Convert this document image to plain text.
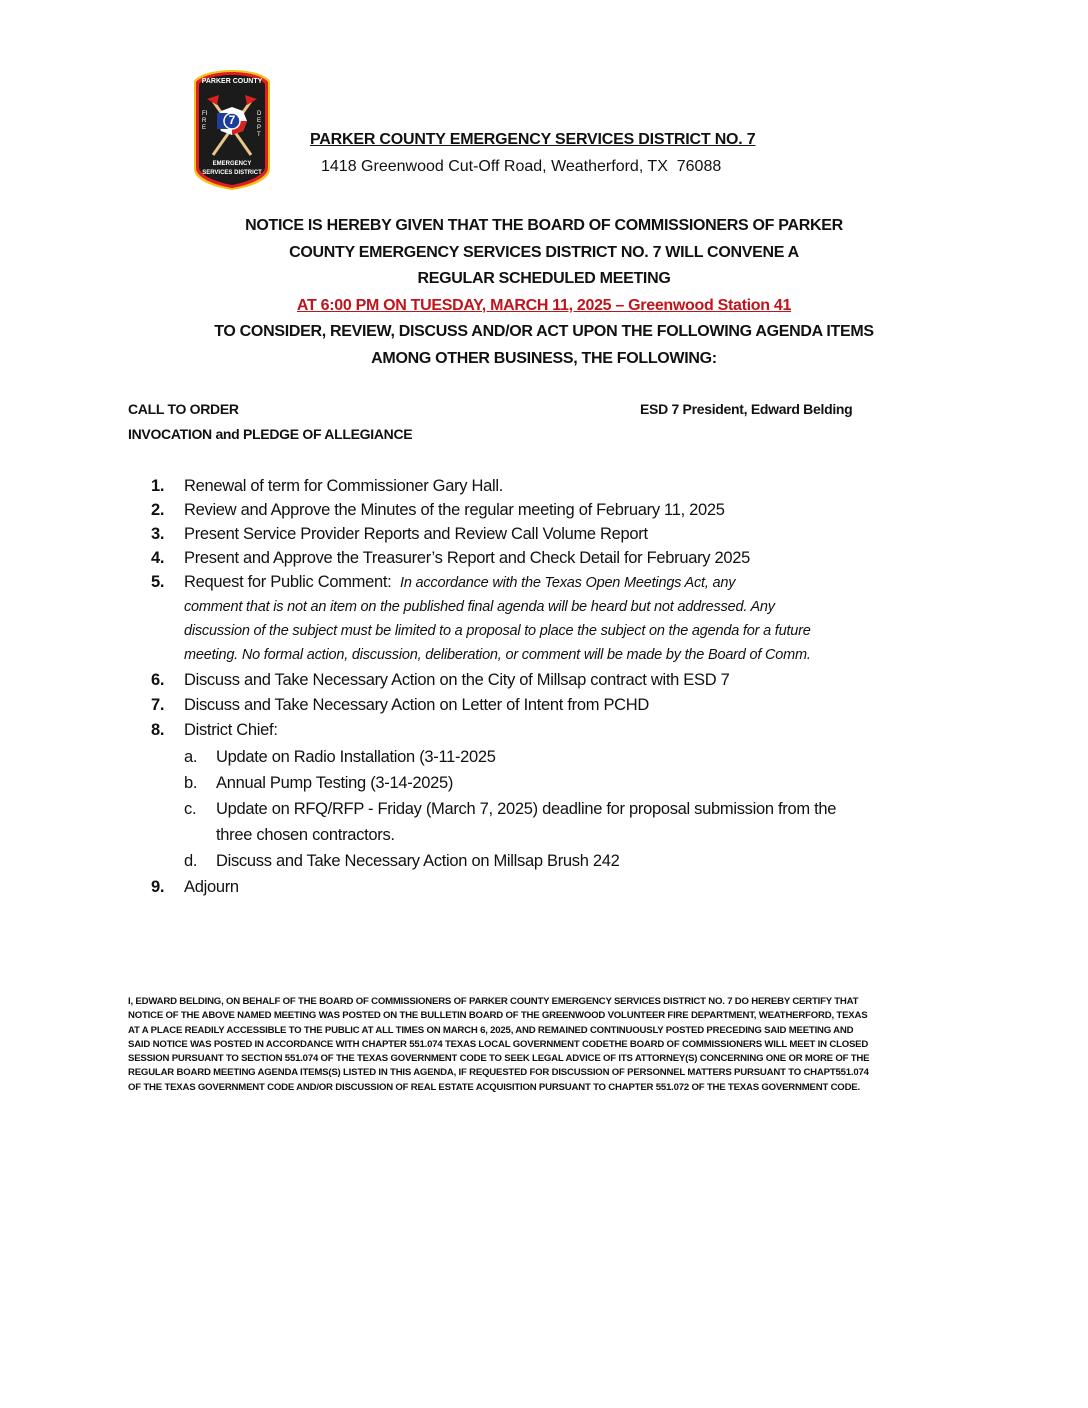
PARKER COUNTY
FIRE
DEPT
7
EMERGENCY
SERVICES DISTRICT
PARKER COUNTY EMERGENCY SERVICES DISTRICT NO. 7
1418 Greenwood Cut-Off Road, Weatherford, TX  76088
NOTICE IS HEREBY GIVEN THAT THE BOARD OF COMMISSIONERS OF PARKER
COUNTY EMERGENCY SERVICES DISTRICT NO. 7 WILL CONVENE A
REGULAR SCHEDULED MEETING
AT 6:00 PM ON TUESDAY, MARCH 11, 2025 – Greenwood Station 41
TO CONSIDER, REVIEW, DISCUSS AND/OR ACT UPON THE FOLLOWING AGENDA ITEMS
AMONG OTHER BUSINESS, THE FOLLOWING:
CALL TO ORDER	ESD 7 President, Edward Belding
INVOCATION and PLEDGE OF ALLEGIANCE
1. Renewal of term for Commissioner Gary Hall.
2. Review and Approve the Minutes of the regular meeting of February 11, 2025
3. Present Service Provider Reports and Review Call Volume Report
4. Present and Approve the Treasurer’s Report and Check Detail for February 2025
5. Request for Public Comment: In accordance with the Texas Open Meetings Act, any
comment that is not an item on the published final agenda will be heard but not addressed. Any
discussion of the subject must be limited to a proposal to place the subject on the agenda for a future
meeting. No formal action, discussion, deliberation, or comment will be made by the Board of Comm.
6. Discuss and Take Necessary Action on the City of Millsap contract with ESD 7
7. Discuss and Take Necessary Action on Letter of Intent from PCHD
8. District Chief:
a. Update on Radio Installation (3-11-2025
b. Annual Pump Testing (3-14-2025)
c. Update on RFQ/RFP - Friday (March 7, 2025) deadline for proposal submission from the
three chosen contractors.
d. Discuss and Take Necessary Action on Millsap Brush 242
9. Adjourn
I, EDWARD BELDING, ON BEHALF OF THE BOARD OF COMMISSIONERS OF PARKER COUNTY EMERGENCY SERVICES DISTRICT NO. 7 DO HEREBY CERTIFY THAT
NOTICE OF THE ABOVE NAMED MEETING WAS POSTED ON THE BULLETIN BOARD OF THE GREENWOOD VOLUNTEER FIRE DEPARTMENT, WEATHERFORD, TEXAS
AT A PLACE READILY ACCESSIBLE TO THE PUBLIC AT ALL TIMES ON MARCH 6, 2025, AND REMAINED CONTINUOUSLY POSTED PRECEDING SAID MEETING AND
SAID NOTICE WAS POSTED IN ACCORDANCE WITH CHAPTER 551.074 TEXAS LOCAL GOVERNMENT CODETHE BOARD OF COMMISSIONERS WILL MEET IN CLOSED
SESSION PURSUANT TO SECTION 551.074 OF THE TEXAS GOVERNMENT CODE TO SEEK LEGAL ADVICE OF ITS ATTORNEY(S) CONCERNING ONE OR MORE OF THE
REGULAR BOARD MEETING AGENDA ITEMS(S) LISTED IN THIS AGENDA, IF REQUESTED FOR DISCUSSION OF PERSONNEL MATTERS PURSUANT TO CHAPT551.074
OF THE TEXAS GOVERNMENT CODE AND/OR DISCUSSION OF REAL ESTATE ACQUISITION PURSUANT TO CHAPTER 551.072 OF THE TEXAS GOVERNMENT CODE.
